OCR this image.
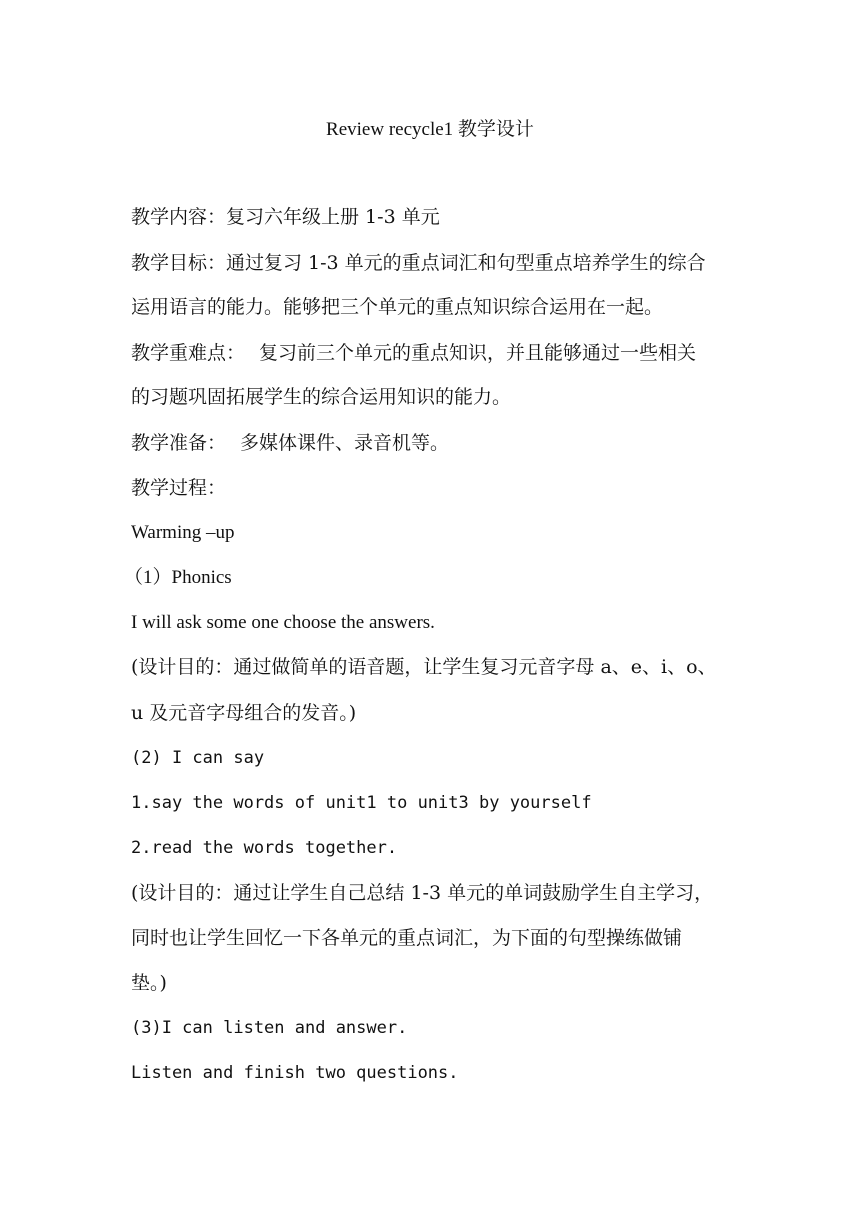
Review recycle1 教学设计
教学内容：复习六年级上册 1-3 单元
教学目标：通过复习 1-3 单元的重点词汇和句型重点培养学生的综合
运用语言的能力。能够把三个单元的重点知识综合运用在一起。
教学重难点： 复习前三个单元的重点知识，并且能够通过一些相关
的习题巩固拓展学生的综合运用知识的能力。
教学准备： 多媒体课件、录音机等。
教学过程：
Warming –up
（1）Phonics
I will ask some one choose the answers.
(设计目的：通过做简单的语音题，让学生复习元音字母 a、e、i、o、
u 及元音字母组合的发音。)
(2) I can say
1.say the words of unit1 to unit3 by yourself
2.read the words together.
(设计目的：通过让学生自己总结 1-3 单元的单词鼓励学生自主学习，
同时也让学生回忆一下各单元的重点词汇，为下面的句型操练做铺
垫。)
(3)I can listen and answer.
Listen and finish two questions.
